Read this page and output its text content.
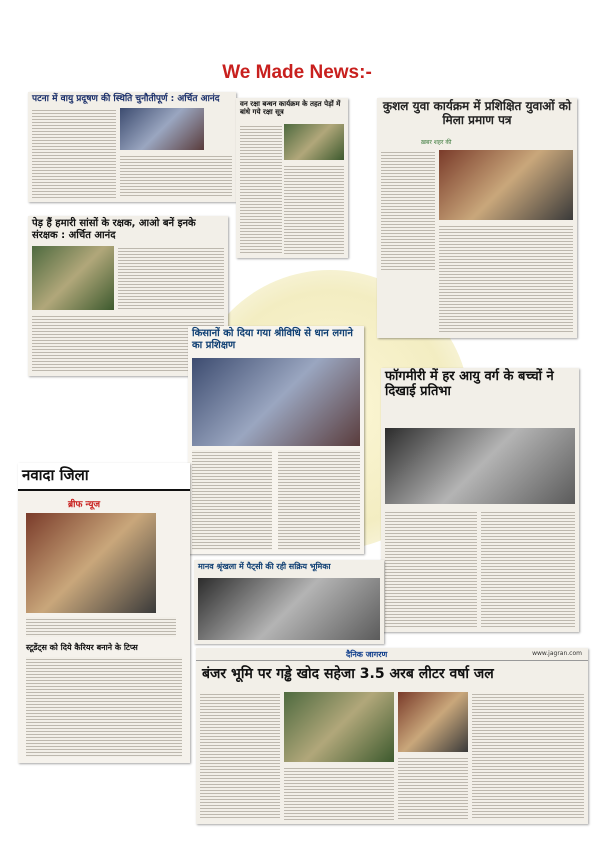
We Made News:-
पटना में वायु प्रदूषण की स्थिति चुनौतीपूर्ण : अर्चित आनंद	वन रक्षा बन्धन कार्यक्रम के तहत पेड़ों में बांधे गये रक्षा सूत्र	कुशल युवा कार्यक्रम में प्रशिक्षित युवाओं को मिला प्रमाण पत्र
ख़बर शहर की
पेड़ हैं हमारी सांसों के रक्षक, आओ बनें इनके संरक्षक : अर्चित आनंद
किसानों को दिया गया श्रीविधि से धान लगाने का प्रशिक्षण
फॉगमीरी में हर आयु वर्ग के बच्चों ने दिखाई प्रतिभा
नवादा जिला
ब्रीफ न्यूज
स्टूडेंट्स को दिये कैरियर बनाने के टिप्स
मानव श्रृंखला में पैट्सी की रही सक्रिय भूमिका
दैनिक जागरण	www.jagran.com
बंजर भूमि पर गड्ढे खोद सहेजा 3.5 अरब लीटर वर्षा जल
